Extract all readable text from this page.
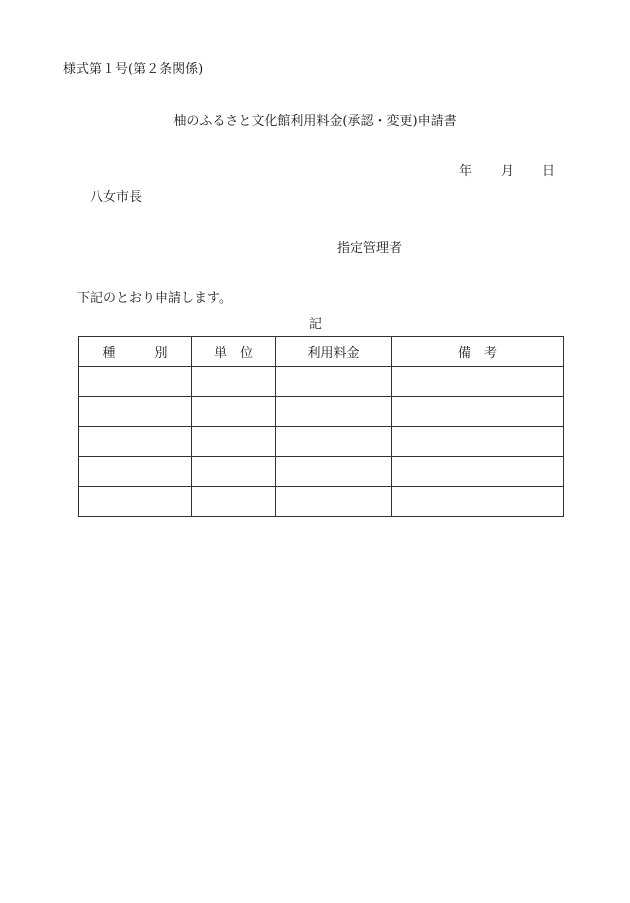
様式第１号(第２条関係)
柚のふるさと文化館利用料金(承認・変更)申請書
年 月 日
八女市長
指定管理者
下記のとおり申請します。
記
種　　　別	単　位	利用料金	備　考
